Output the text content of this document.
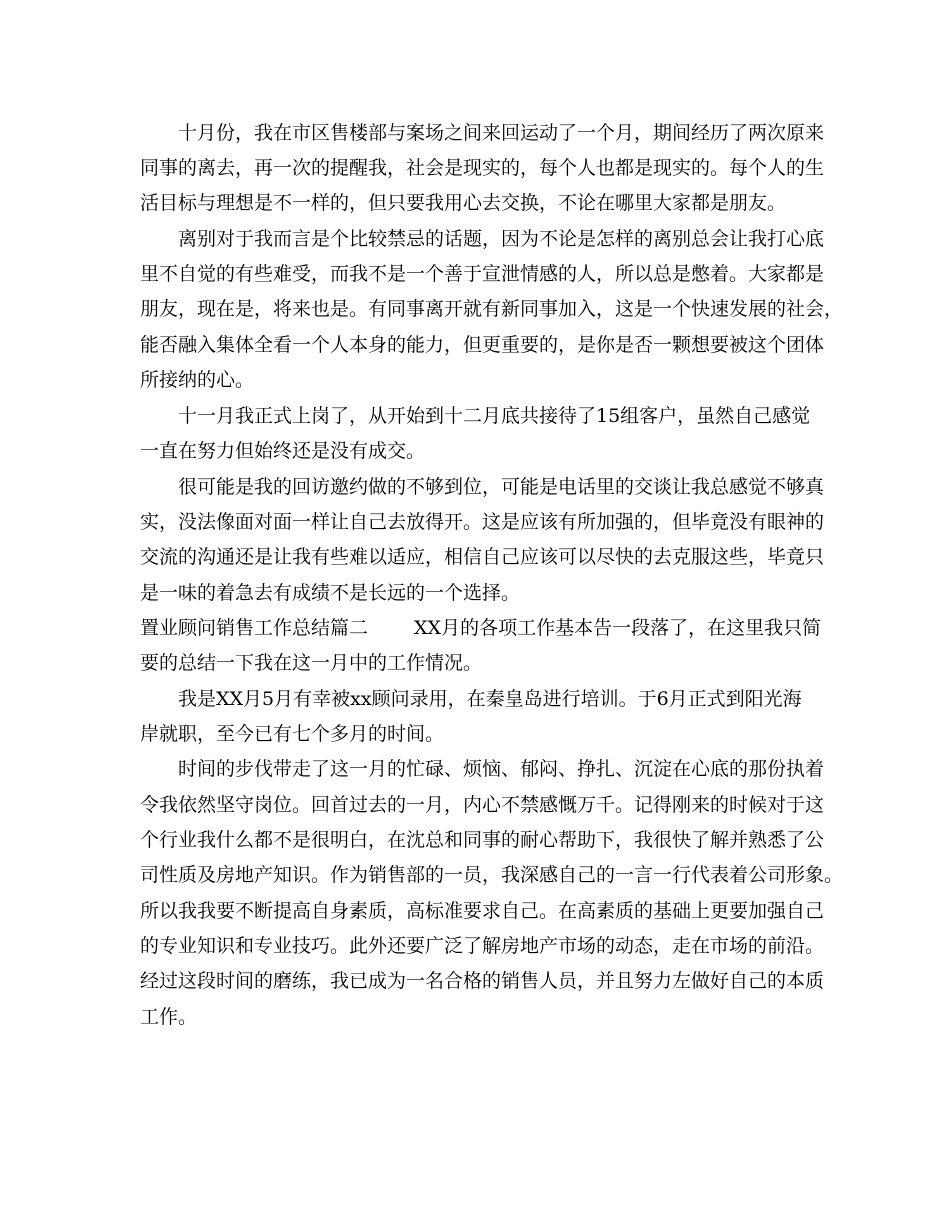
十月份，我在市区售楼部与案场之间来回运动了一个月，期间经历了两次原来
同事的离去，再一次的提醒我，社会是现实的，每个人也都是现实的。每个人的生
活目标与理想是不一样的，但只要我用心去交换，不论在哪里大家都是朋友。
离别对于我而言是个比较禁忌的话题，因为不论是怎样的离别总会让我打心底
里不自觉的有些难受，而我不是一个善于宣泄情感的人，所以总是憋着。大家都是
朋友，现在是，将来也是。有同事离开就有新同事加入，这是一个快速发展的社会，
能否融入集体全看一个人本身的能力，但更重要的，是你是否一颗想要被这个团体
所接纳的心。
十一月我正式上岗了，从开始到十二月底共接待了15组客户，虽然自己感觉
一直在努力但始终还是没有成交。
很可能是我的回访邀约做的不够到位，可能是电话里的交谈让我总感觉不够真
实，没法像面对面一样让自己去放得开。这是应该有所加强的，但毕竟没有眼神的
交流的沟通还是让我有些难以适应，相信自己应该可以尽快的去克服这些，毕竟只
是一味的着急去有成绩不是长远的一个选择。
置业顾问销售工作总结篇二 XX月的各项工作基本告一段落了，在这里我只简
要的总结一下我在这一月中的工作情况。
我是XX月5月有幸被xx顾问录用，在秦皇岛进行培训。于6月正式到阳光海
岸就职，至今已有七个多月的时间。
时间的步伐带走了这一月的忙碌、烦恼、郁闷、挣扎、沉淀在心底的那份执着
令我依然坚守岗位。回首过去的一月，内心不禁感慨万千。记得刚来的时候对于这
个行业我什么都不是很明白，在沈总和同事的耐心帮助下，我很快了解并熟悉了公
司性质及房地产知识。作为销售部的一员，我深感自己的一言一行代表着公司形象。
所以我我要不断提高自身素质，高标准要求自己。在高素质的基础上更要加强自己
的专业知识和专业技巧。此外还要广泛了解房地产市场的动态，走在市场的前沿。
经过这段时间的磨练，我已成为一名合格的销售人员，并且努力左做好自己的本质
工作。
